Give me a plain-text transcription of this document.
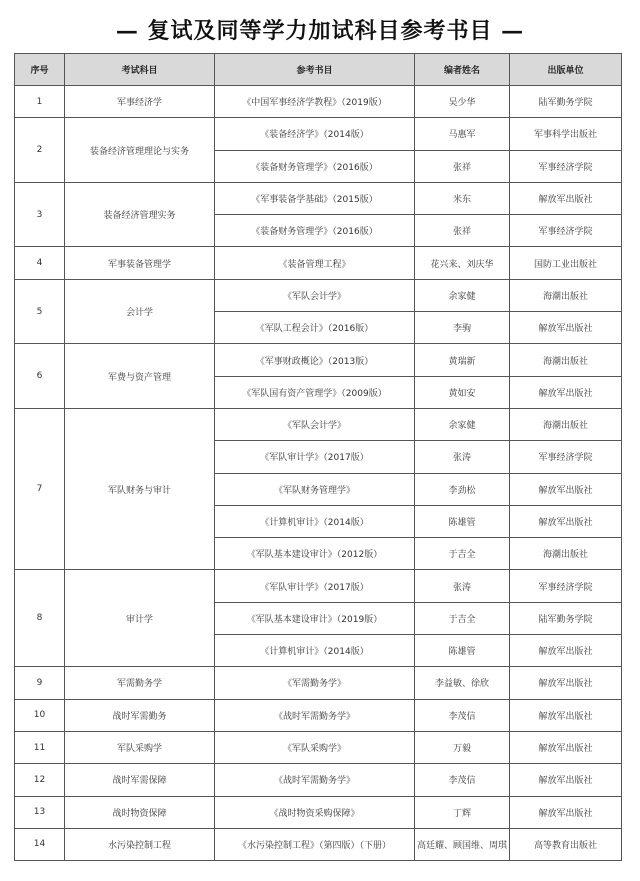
— 复试及同等学力加试科目参考书目 —
序号	考试科目	参考书目	编者姓名	出版单位
1	军事经济学	《中国军事经济学教程》（2019版）	吴少华	陆军勤务学院
2	装备经济管理理论与实务	《装备经济学》（2014版）	马惠军	军事科学出版社
		《装备财务管理学》（2016版）	张祥	军事经济学院
3	装备经济管理实务	《军事装备学基础》（2015版）	米东	解放军出版社
		《装备财务管理学》（2016版）	张祥	军事经济学院
4	军事装备管理学	《装备管理工程》	花兴来、刘庆华	国防工业出版社
5	会计学	《军队会计学》	余家健	海潮出版社
		《军队工程会计》（2016版）	李驹	解放军出版社
6	军费与资产管理	《军事财政概论》（2013版）	黄瑞新	海潮出版社
		《军队国有资产管理学》（2009版）	黄如安	解放军出版社
7	军队财务与审计	《军队会计学》	余家健	海潮出版社
		《军队审计学》（2017版）	张涛	军事经济学院
		《军队财务管理学》	李劲松	解放军出版社
		《计算机审计》（2014版）	陈雄管	解放军出版社
		《军队基本建设审计》（2012版）	于吉全	海潮出版社
8	审计学	《军队审计学》（2017版）	张涛	军事经济学院
		《军队基本建设审计》（2019版）	于吉全	陆军勤务学院
		《计算机审计》（2014版）	陈雄管	解放军出版社
9	军需勤务学	《军需勤务学》	李益敏、徐欣	解放军出版社
10	战时军需勤务	《战时军需勤务学》	李茂信	解放军出版社
11	军队采购学	《军队采购学》	万毅	解放军出版社
12	战时军需保障	《战时军需勤务学》	李茂信	解放军出版社
13	战时物资保障	《战时物资采购保障》	丁辉	解放军出版社
14	水污染控制工程	《水污染控制工程》（第四版）（下册）	高廷耀、顾国维、周琪	高等教育出版社
